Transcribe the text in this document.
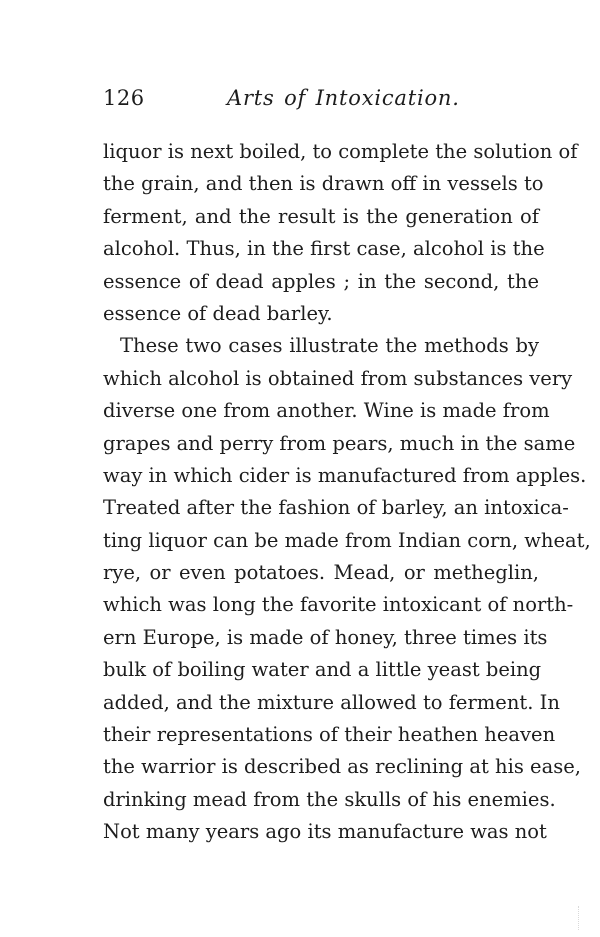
126	Arts of Intoxication.
liquor is next boiled, to complete the solution of
the grain, and then is drawn off in vessels to
ferment, and the result is the generation of
alcohol. Thus, in the first case, alcohol is the
essence of dead apples ; in the second, the
essence of dead barley.
These two cases illustrate the methods by
which alcohol is obtained from substances very
diverse one from another. Wine is made from
grapes and perry from pears, much in the same
way in which cider is manufactured from apples.
Treated after the fashion of barley, an intoxica-
ting liquor can be made from Indian corn, wheat,
rye, or even potatoes. Mead, or metheglin,
which was long the favorite intoxicant of north-
ern Europe, is made of honey, three times its
bulk of boiling water and a little yeast being
added, and the mixture allowed to ferment. In
their representations of their heathen heaven
the warrior is described as reclining at his ease,
drinking mead from the skulls of his enemies.
Not many years ago its manufacture was not
